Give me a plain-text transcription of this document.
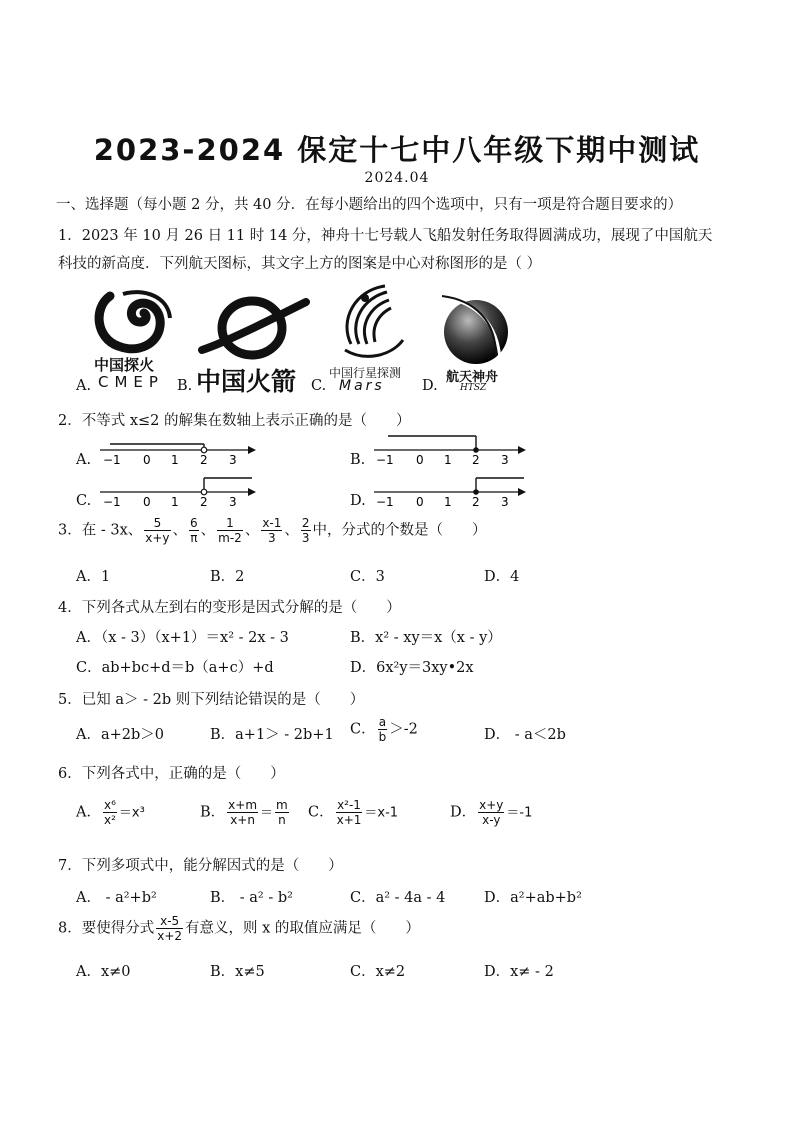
2023-2024 保定十七中八年级下期中测试
2024.04
一、选择题（每小题 2 分，共 40 分．在每小题给出的四个选项中，只有一项是符合题目要求的）
1．2023 年 10 月 26 日 11 时 14 分，神舟十七号载人飞船发射任务取得圆满成功，展现了中国航天
科技的新高度．下列航天图标，其文字上方的图案是中心对称图形的是（ ）
中国探火
CMEP
A.	中国火箭
B.
中国行星探测
Mars
C.
航天神舟
HTSZ
D.
2．不等式 x≤2 的解集在数轴上表示正确的是（　　）
A. −1 0 1 2 3	B. −1 0 1 2 3
C. −1 0 1 2 3	D. −1 0 1 2 3
3．在 - 3x、 $\frac{5}{x+y}$ 、 $\frac{6}{\pi}$ 、 $\frac{1}{m-2}$ 、 $\frac{x-1}{3}$ 、 $\frac{2}{3}$ 中，分式的个数是（　　）
A．1	B．2	C．3	D．4
4．下列各式从左到右的变形是因式分解的是（　　）
A．（x - 3）（x+1）＝x² - 2x - 3	B．x² - xy＝x（x - y）
C．ab+bc+d＝b（a+c）+d	D．6x²y＝3xy•2x
5．已知 a＞ - 2b 则下列结论错误的是（　　）
A．a+2b＞0	B．a+1＞ - 2b+1 C． $\frac{a}{b} >-2$	D． - a＜2b
6．下列各式中，正确的是（　　）
A． $\frac{\text{x⁶}}{\text{x²}} =x^3$	B． $\frac{x+m}{x+n} = \frac{m}{n}$ C． $\frac{\text{x²-1}}{x+1} =x-1$	D． $\frac{x+y}{x-y} =-1$
7．下列多项式中，能分解因式的是（　　）
A． - a²+b²	B． - a² - b²	C．a² - 4a - 4	D．a²+ab+b²
8．要使得分式 $\frac{x-5}{x+2}$ 有意义，则 x 的取值应满足（　　）
A．x≠0	B．x≠5	C．x≠2	D．x≠ - 2
